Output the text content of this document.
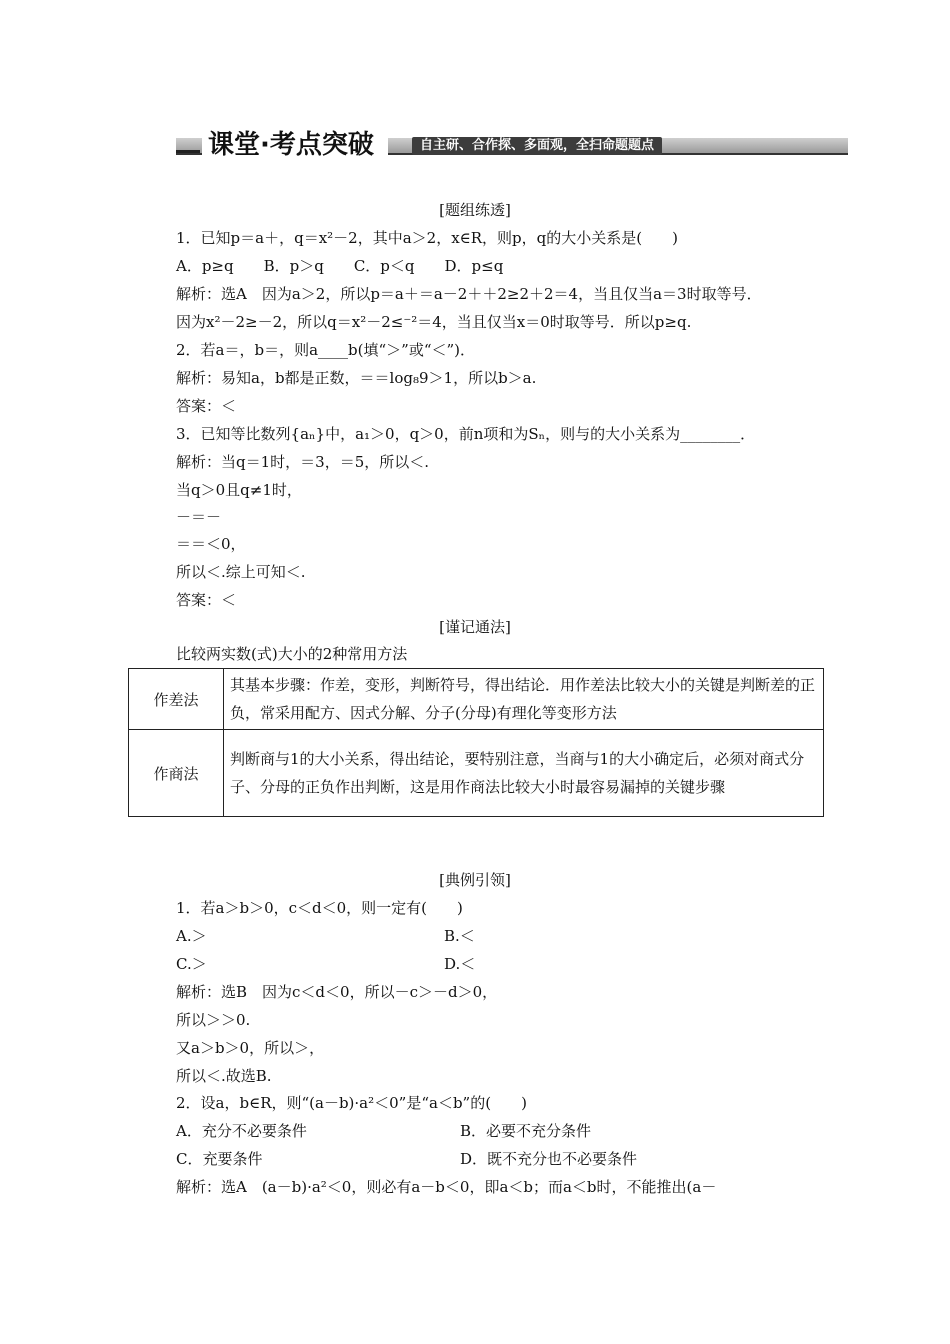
课堂·考点突破	自主研、合作探、多面观，全扫命题题点
[题组练透]
1．已知p＝a＋，q＝x²－2，其中a＞2，x∈R，则p，q的大小关系是(　　)
A．p≥q　　B．p＞q　　C．p＜q　　D．p≤q
解析：选A　因为a＞2，所以p＝a＋＝a－2＋＋2≥2＋2＝4，当且仅当a＝3时取等号．
因为x²－2≥－2，所以q＝x²－2≤⁻²＝4，当且仅当x＝0时取等号．所以p≥q.
2．若a＝，b＝，则a____b(填“＞”或“＜”)．
解析：易知a，b都是正数，＝＝log₈9＞1，所以b＞a.
答案：＜
3．已知等比数列{aₙ}中，a₁＞0，q＞0，前n项和为Sₙ，则与的大小关系为________．
解析：当q＝1时，＝3，＝5，所以＜.
当q＞0且q≠1时，
－＝－
＝＝＜0，
所以＜.综上可知＜.
答案：＜
[谨记通法]
比较两实数(式)大小的2种常用方法
作差法	其基本步骤：作差，变形，判断符号，得出结论．用作差法比较大小的关键是判断差的正负，常采用配方、因式分解、分子(分母)有理化等变形方法
作商法	判断商与1的大小关系，得出结论，要特别注意，当商与1的大小确定后，必须对商式分子、分母的正负作出判断，这是用作商法比较大小时最容易漏掉的关键步骤
[典例引领]
1．若a＞b＞0，c＜d＜0，则一定有(　　)
A.＞	B.＜
C.＞	D.＜
解析：选B　因为c＜d＜0，所以－c＞－d＞0，
所以＞＞0.
又a＞b＞0，所以＞，
所以＜.故选B.
2．设a，b∈R，则“(a－b)·a²＜0”是“a＜b”的(　　)
A．充分不必要条件	B．必要不充分条件
C．充要条件	D．既不充分也不必要条件
解析：选A　(a－b)·a²＜0，则必有a－b＜0，即a＜b；而a＜b时，不能推出(a－
